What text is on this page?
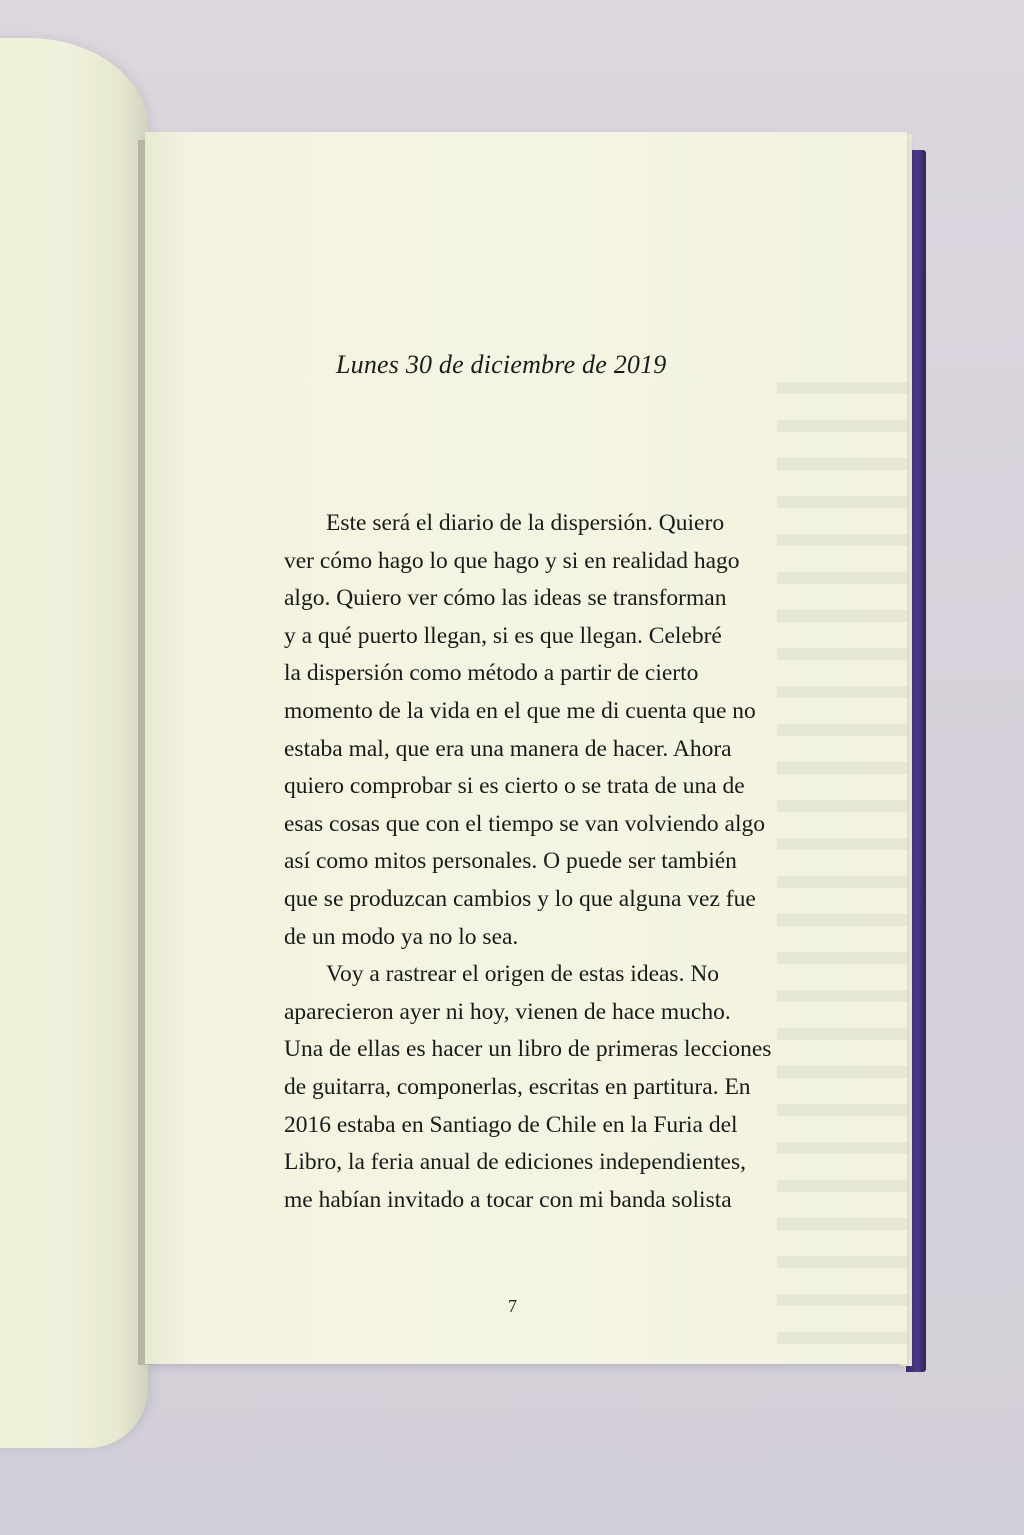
Lunes 30 de diciembre de 2019
Este será el diario de la dispersión. Quiero
ver cómo hago lo que hago y si en realidad hago
algo. Quiero ver cómo las ideas se transforman
y a qué puerto llegan, si es que llegan. Celebré
la dispersión como método a partir de cierto
momento de la vida en el que me di cuenta que no
estaba mal, que era una manera de hacer. Ahora
quiero comprobar si es cierto o se trata de una de
esas cosas que con el tiempo se van volviendo algo
así como mitos personales. O puede ser también
que se produzcan cambios y lo que alguna vez fue
de un modo ya no lo sea.
Voy a rastrear el origen de estas ideas. No
aparecieron ayer ni hoy, vienen de hace mucho.
Una de ellas es hacer un libro de primeras lecciones
de guitarra, componerlas, escritas en partitura. En
2016 estaba en Santiago de Chile en la Furia del
Libro, la feria anual de ediciones independientes,
me habían invitado a tocar con mi banda solista
7
